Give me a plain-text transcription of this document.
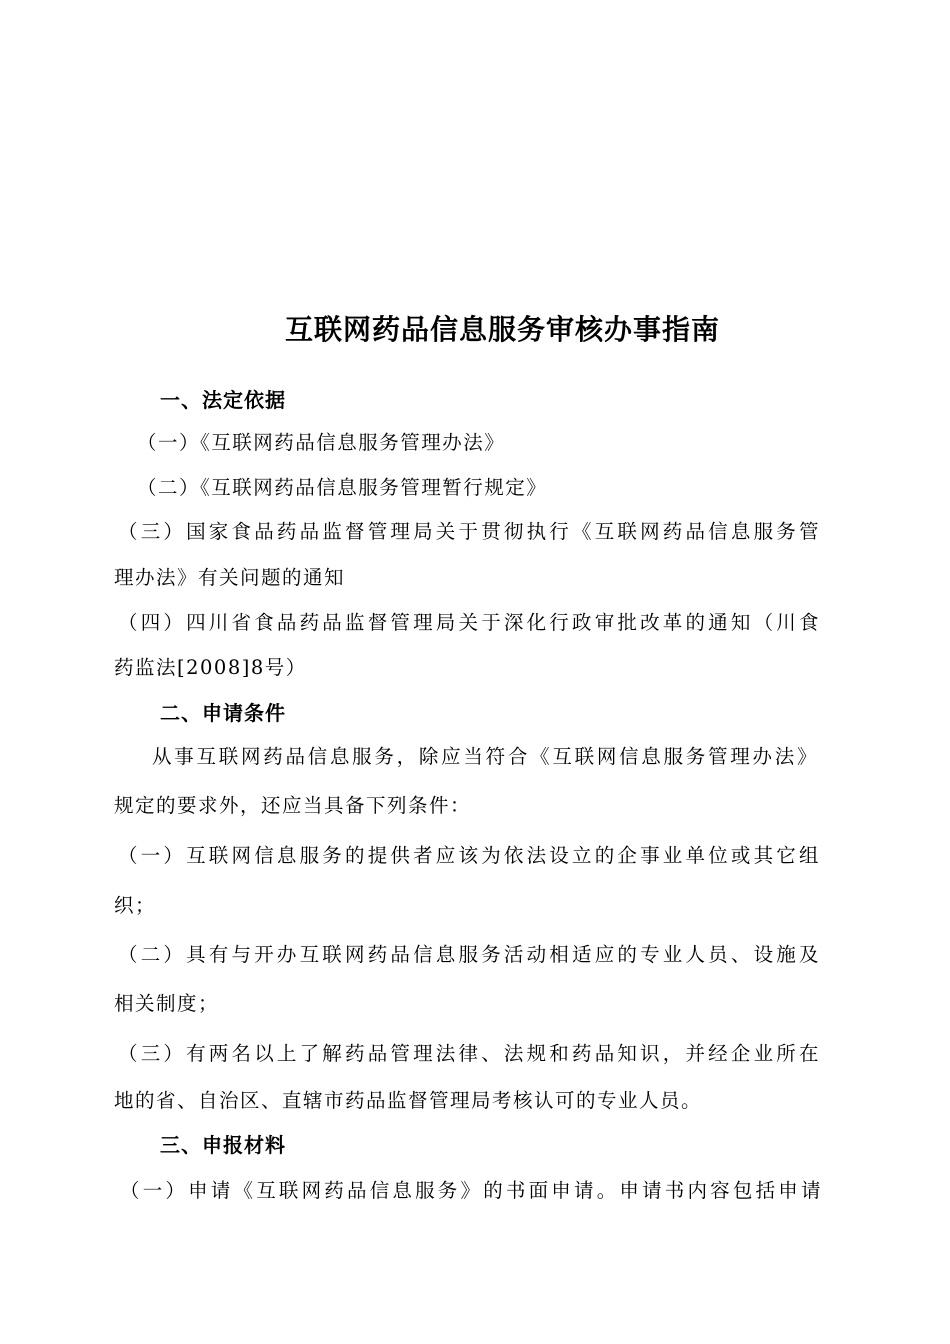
互联网药品信息服务审核办事指南
一、法定依据
（一）《互联网药品信息服务管理办法》
（二）《互联网药品信息服务管理暂行规定》
（三）国家食品药品监督管理局关于贯彻执行《互联网药品信息服务管
理办法》有关问题的通知
（四）四川省食品药品监督管理局关于深化行政审批改革的通知（川食
药监法[2008]8号）
二、申请条件
从事互联网药品信息服务，除应当符合《互联网信息服务管理办法》
规定的要求外，还应当具备下列条件：
（一）互联网信息服务的提供者应该为依法设立的企事业单位或其它组
织；
（二）具有与开办互联网药品信息服务活动相适应的专业人员、设施及
相关制度；
（三）有两名以上了解药品管理法律、法规和药品知识，并经企业所在
地的省、自治区、直辖市药品监督管理局考核认可的专业人员。
三、申报材料
（一）申请《互联网药品信息服务》的书面申请。申请书内容包括申请
